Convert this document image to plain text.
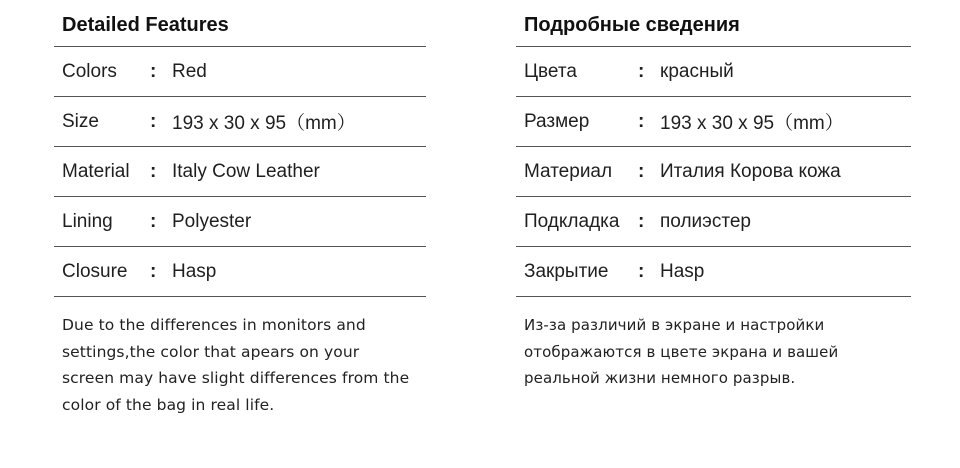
Detailed Features
Colors	: Red
Size	: 193 x 30 x 95（mm）
Material	: Italy Cow Leather
Lining	: Polyester
Closure	: Hasp
Due to the differences in monitors and
settings,the color that apears on your
screen may have slight differences from the
color of the bag in real life.
Подробные сведения
Цвета	: красный
Размер	: 193 x 30 x 95（mm）
Материал	: Италия Корова кожа
Подкладка : полиэстер
Закрытие	: Hasp
Из-за различий в экране и настройки
отображаются в цвете экрана и вашей
реальной жизни немного разрыв.
